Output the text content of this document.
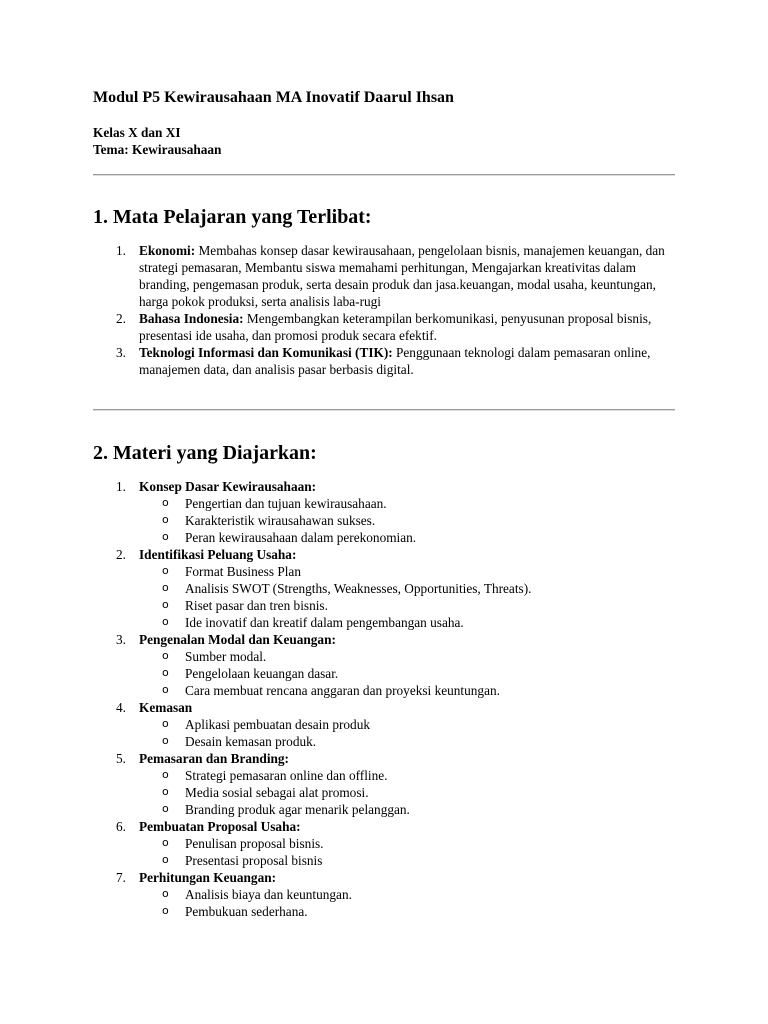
Modul P5 Kewirausahaan MA Inovatif Daarul Ihsan
Kelas X dan XI
Tema: Kewirausahaan
1. Mata Pelajaran yang Terlibat:
1. Ekonomi: Membahas konsep dasar kewirausahaan, pengelolaan bisnis, manajemen keuangan, dan strategi pemasaran, Membantu siswa memahami perhitungan, Mengajarkan kreativitas dalam branding, pengemasan produk, serta desain produk dan jasa.keuangan, modal usaha, keuntungan, harga pokok produksi, serta analisis laba-rugi
2. Bahasa Indonesia: Mengembangkan keterampilan berkomunikasi, penyusunan proposal bisnis, presentasi ide usaha, dan promosi produk secara efektif.
3. Teknologi Informasi dan Komunikasi (TIK): Penggunaan teknologi dalam pemasaran online, manajemen data, dan analisis pasar berbasis digital.
2. Materi yang Diajarkan:
1. Konsep Dasar Kewirausahaan:
o Pengertian dan tujuan kewirausahaan.
o Karakteristik wirausahawan sukses.
o Peran kewirausahaan dalam perekonomian.
2. Identifikasi Peluang Usaha:
o Format Business Plan
o Analisis SWOT (Strengths, Weaknesses, Opportunities, Threats).
o Riset pasar dan tren bisnis.
o Ide inovatif dan kreatif dalam pengembangan usaha.
3. Pengenalan Modal dan Keuangan:
o Sumber modal.
o Pengelolaan keuangan dasar.
o Cara membuat rencana anggaran dan proyeksi keuntungan.
4. Kemasan
o Aplikasi pembuatan desain produk
o Desain kemasan produk.
5. Pemasaran dan Branding:
o Strategi pemasaran online dan offline.
o Media sosial sebagai alat promosi.
o Branding produk agar menarik pelanggan.
6. Pembuatan Proposal Usaha:
o Penulisan proposal bisnis.
o Presentasi proposal bisnis
7. Perhitungan Keuangan:
o Analisis biaya dan keuntungan.
o Pembukuan sederhana.
